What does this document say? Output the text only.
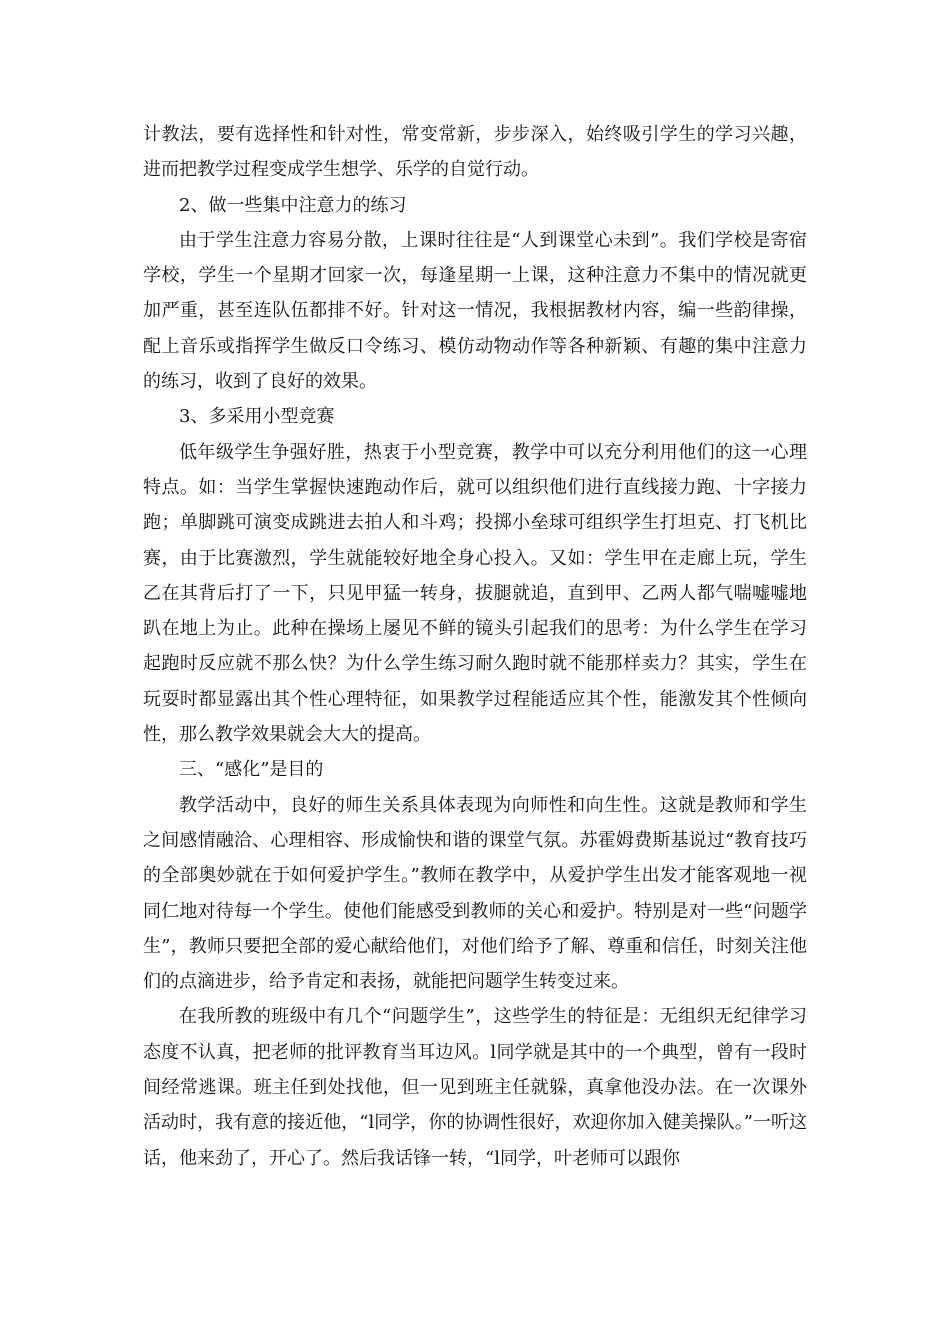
计教法，要有选择性和针对性，常变常新，步步深入，始终吸引学生的学习兴趣，进而把教学过程变成学生想学、乐学的自觉行动。

2、做一些集中注意力的练习

由于学生注意力容易分散，上课时往往是“人到课堂心未到”。我们学校是寄宿学校，学生一个星期才回家一次，每逢星期一上课，这种注意力不集中的情况就更加严重，甚至连队伍都排不好。针对这一情况，我根据教材内容，编一些韵律操，配上音乐或指挥学生做反口令练习、模仿动物动作等各种新颖、有趣的集中注意力的练习，收到了良好的效果。

3、多采用小型竞赛

低年级学生争强好胜，热衷于小型竞赛，教学中可以充分利用他们的这一心理特点。如：当学生掌握快速跑动作后，就可以组织他们进行直线接力跑、十字接力跑；单脚跳可演变成跳进去拍人和斗鸡；投掷小垒球可组织学生打坦克、打飞机比赛，由于比赛激烈，学生就能较好地全身心投入。又如：学生甲在走廊上玩，学生乙在其背后打了一下，只见甲猛一转身，拔腿就追，直到甲、乙两人都气喘嘘嘘地趴在地上为止。此种在操场上屡见不鲜的镜头引起我们的思考：为什么学生在学习起跑时反应就不那么快？为什么学生练习耐久跑时就不能那样卖力？其实，学生在玩耍时都显露出其个性心理特征，如果教学过程能适应其个性，能激发其个性倾向性，那么教学效果就会大大的提高。

三、“感化”是目的

教学活动中，良好的师生关系具体表现为向师性和向生性。这就是教师和学生之间感情融洽、心理相容、形成愉快和谐的课堂气氛。苏霍姆费斯基说过“教育技巧的全部奥妙就在于如何爱护学生。”教师在教学中，从爱护学生出发才能客观地一视同仁地对待每一个学生。使他们能感受到教师的关心和爱护。特别是对一些“问题学生”，教师只要把全部的爱心献给他们，对他们给予了解、尊重和信任，时刻关注他们的点滴进步，给予肯定和表扬，就能把问题学生转变过来。

在我所教的班级中有几个“问题学生”，这些学生的特征是：无组织无纪律学习态度不认真，把老师的批评教育当耳边风。l同学就是其中的一个典型，曾有一段时间经常逃课。班主任到处找他，但一见到班主任就躲，真拿他没办法。在一次课外活动时，我有意的接近他，“l同学，你的协调性很好，欢迎你加入健美操队。”一听这话，他来劲了，开心了。然后我话锋一转，“l同学，叶老师可以跟你
